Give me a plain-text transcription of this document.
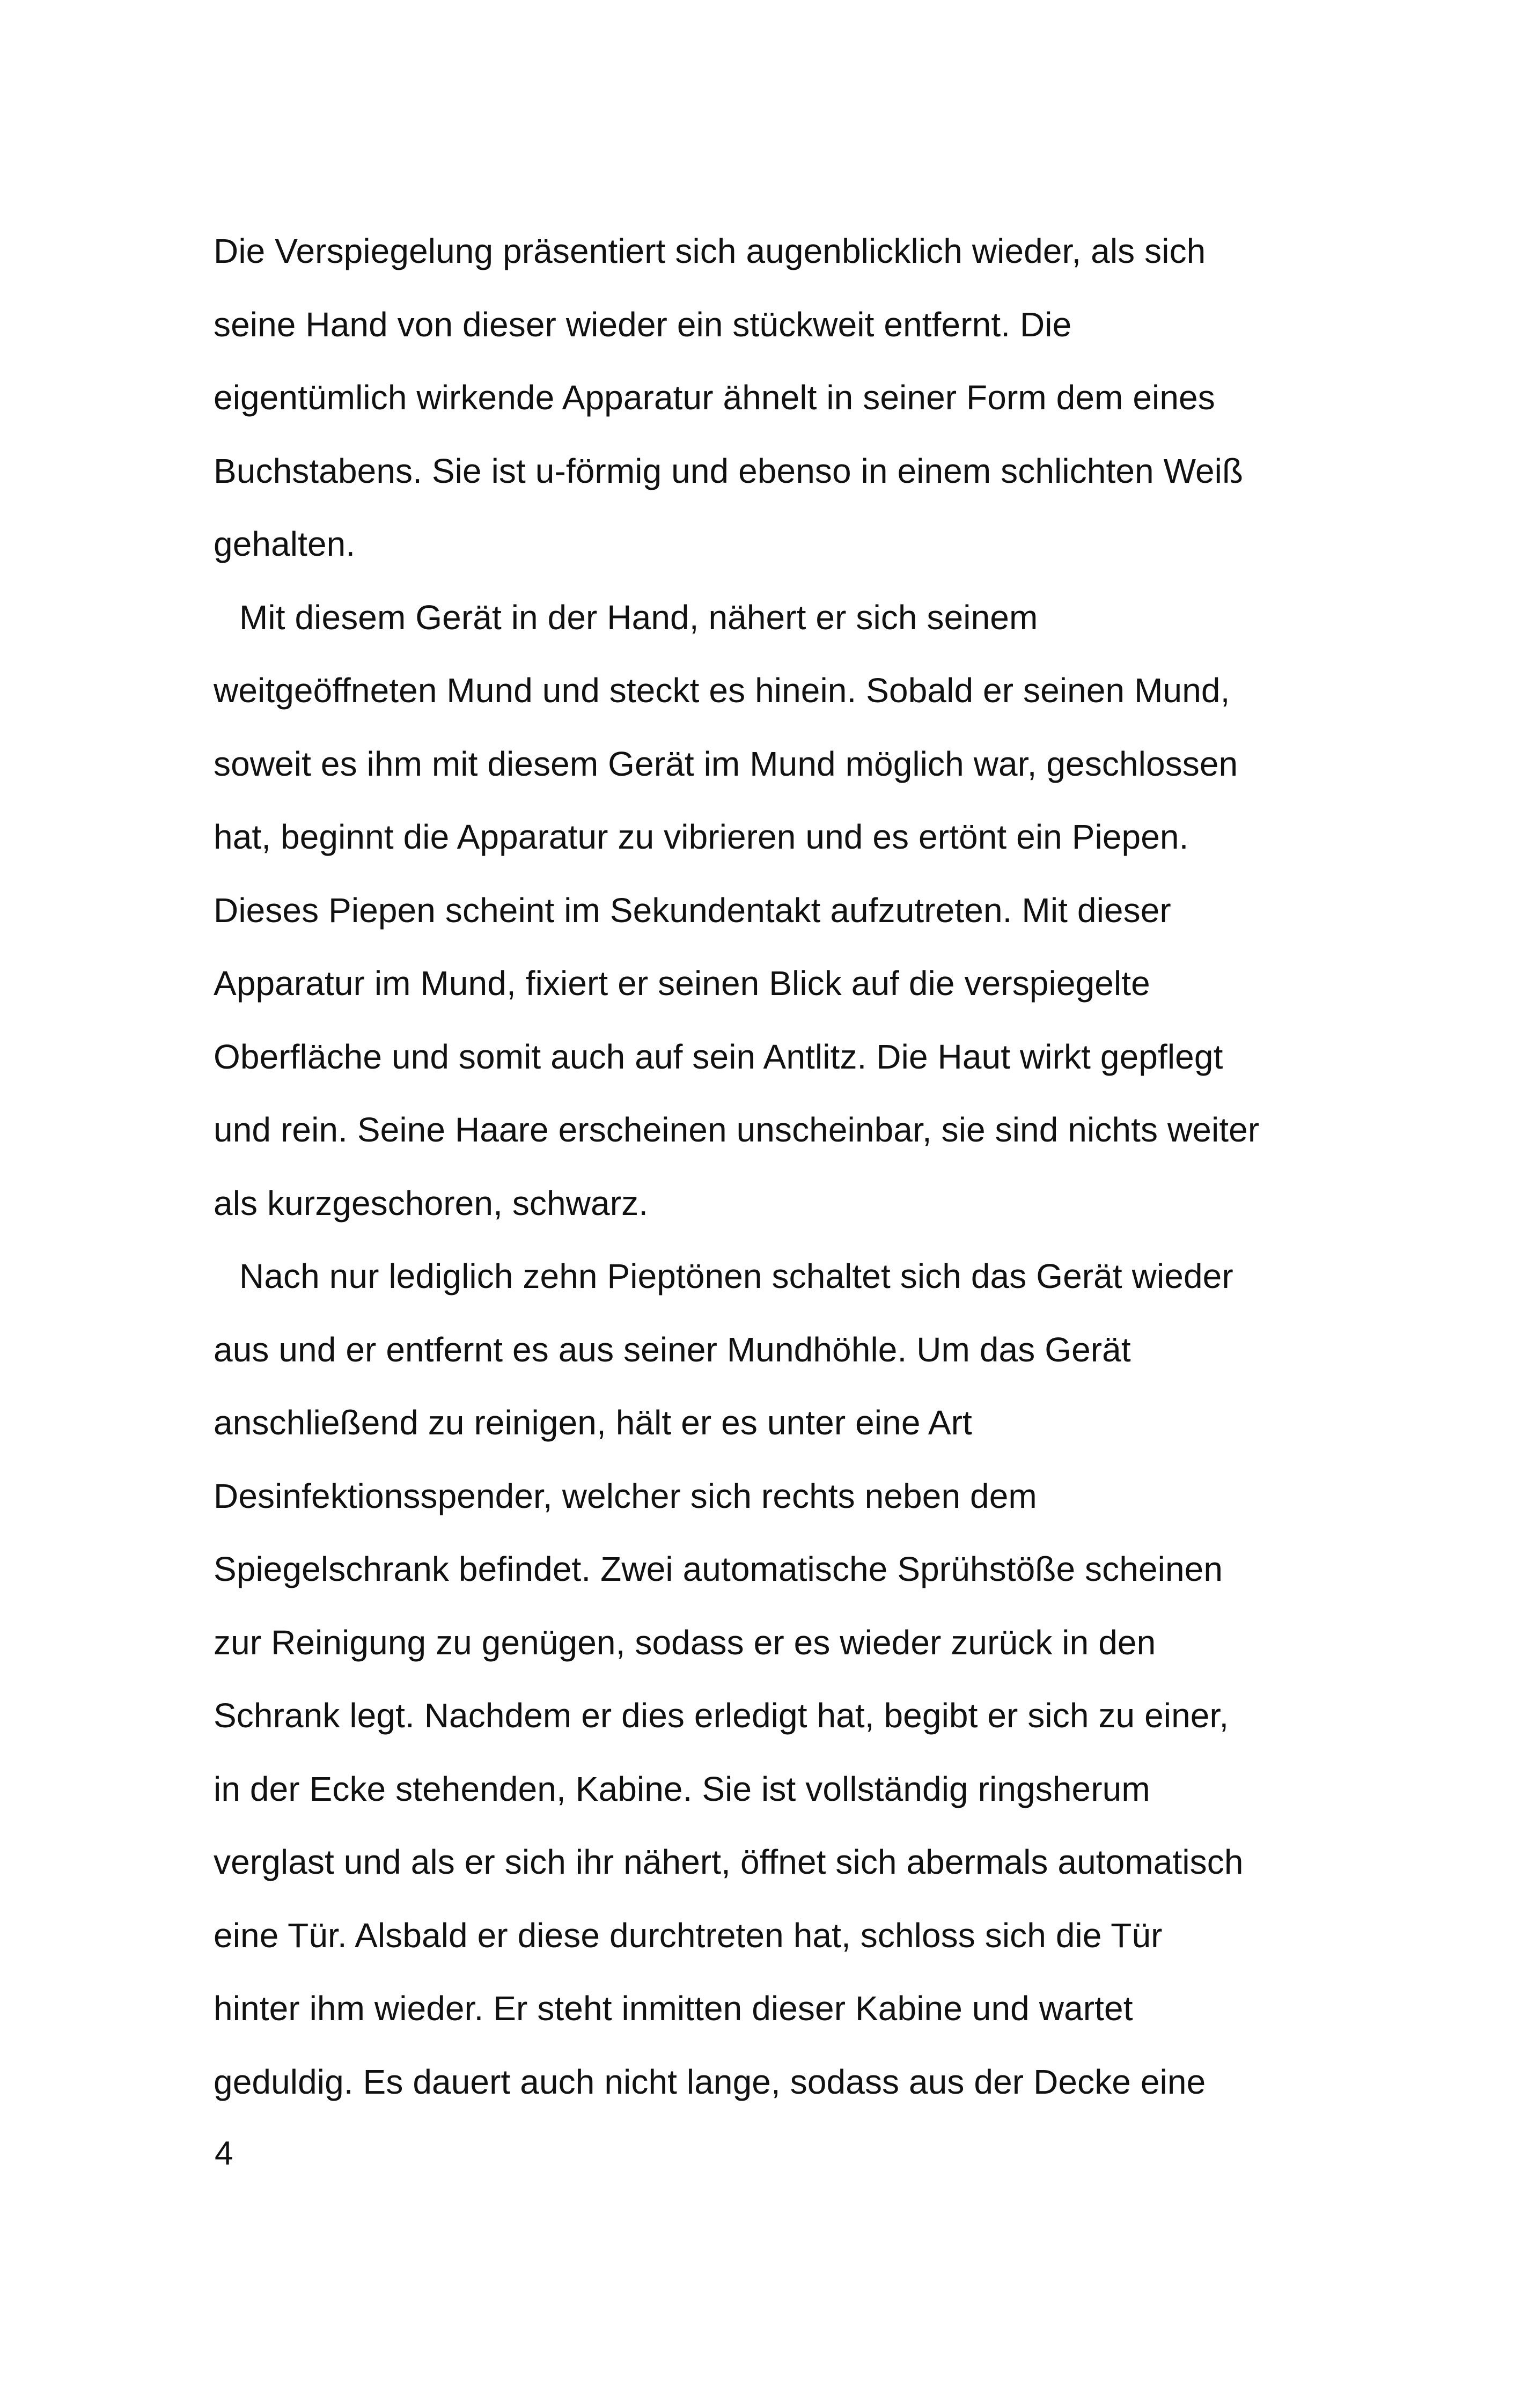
Die Verspiegelung präsentiert sich augenblicklich wieder, als sich
seine Hand von dieser wieder ein stückweit entfernt. Die
eigentümlich wirkende Apparatur ähnelt in seiner Form dem eines
Buchstabens. Sie ist u-förmig und ebenso in einem schlichten Weiß
gehalten.
Mit diesem Gerät in der Hand, nähert er sich seinem
weitgeöffneten Mund und steckt es hinein. Sobald er seinen Mund,
soweit es ihm mit diesem Gerät im Mund möglich war, geschlossen
hat, beginnt die Apparatur zu vibrieren und es ertönt ein Piepen.
Dieses Piepen scheint im Sekundentakt aufzutreten. Mit dieser
Apparatur im Mund, fixiert er seinen Blick auf die verspiegelte
Oberfläche und somit auch auf sein Antlitz. Die Haut wirkt gepflegt
und rein. Seine Haare erscheinen unscheinbar, sie sind nichts weiter
als kurzgeschoren, schwarz.
Nach nur lediglich zehn Pieptönen schaltet sich das Gerät wieder
aus und er entfernt es aus seiner Mundhöhle. Um das Gerät
anschließend zu reinigen, hält er es unter eine Art
Desinfektionsspender, welcher sich rechts neben dem
Spiegelschrank befindet. Zwei automatische Sprühstöße scheinen
zur Reinigung zu genügen, sodass er es wieder zurück in den
Schrank legt. Nachdem er dies erledigt hat, begibt er sich zu einer,
in der Ecke stehenden, Kabine. Sie ist vollständig ringsherum
verglast und als er sich ihr nähert, öffnet sich abermals automatisch
eine Tür. Alsbald er diese durchtreten hat, schloss sich die Tür
hinter ihm wieder. Er steht inmitten dieser Kabine und wartet
geduldig. Es dauert auch nicht lange, sodass aus der Decke eine
4
